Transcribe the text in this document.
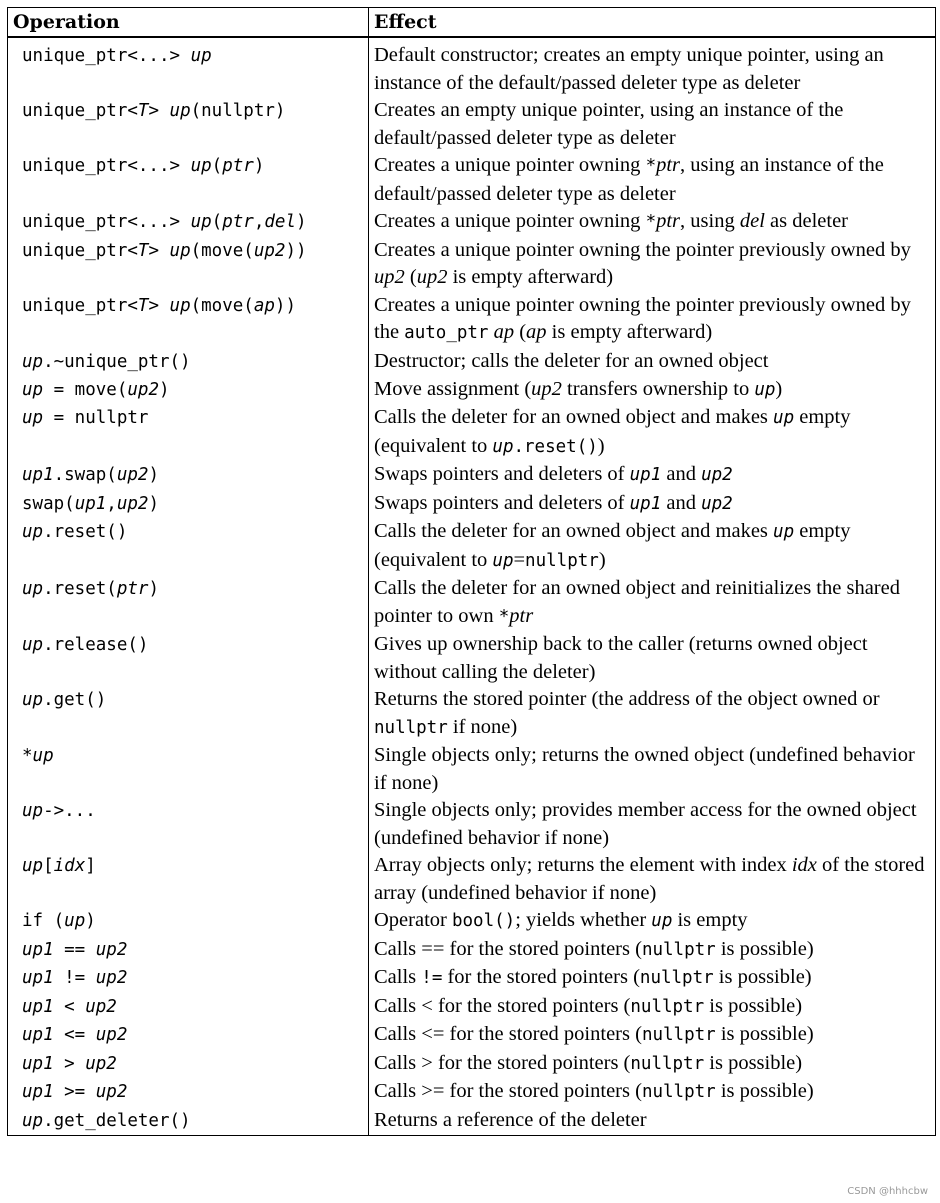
Operation	Effect
unique_ptr<...> up	Default constructor; creates an empty unique pointer, using an instance of the default/passed deleter type as deleter
unique_ptr<T> up(nullptr)	Creates an empty unique pointer, using an instance of the default/passed deleter type as deleter
unique_ptr<...> up(ptr)	Creates a unique pointer owning *ptr, using an instance of the default/passed deleter type as deleter
unique_ptr<...> up(ptr,del)	Creates a unique pointer owning *ptr, using del as deleter
unique_ptr<T> up(move(up2))	Creates a unique pointer owning the pointer previously owned by up2 (up2 is empty afterward)
unique_ptr<T> up(move(ap))	Creates a unique pointer owning the pointer previously owned by the auto_ptr ap (ap is empty afterward)
up.~unique_ptr()	Destructor; calls the deleter for an owned object
up = move(up2)	Move assignment (up2 transfers ownership to up)
up = nullptr	Calls the deleter for an owned object and makes up empty (equivalent to up.reset())
up1.swap(up2)	Swaps pointers and deleters of up1 and up2
swap(up1,up2)	Swaps pointers and deleters of up1 and up2
up.reset()	Calls the deleter for an owned object and makes up empty (equivalent to up=nullptr)
up.reset(ptr)	Calls the deleter for an owned object and reinitializes the shared pointer to own *ptr
up.release()	Gives up ownership back to the caller (returns owned object without calling the deleter)
up.get()	Returns the stored pointer (the address of the object owned or nullptr if none)
*up	Single objects only; returns the owned object (undefined behavior if none)
up->...	Single objects only; provides member access for the owned object (undefined behavior if none)
up[idx]	Array objects only; returns the element with index idx of the stored array (undefined behavior if none)
if (up)	Operator bool(); yields whether up is empty
up1 == up2	Calls == for the stored pointers (nullptr is possible)
up1 != up2	Calls != for the stored pointers (nullptr is possible)
up1 < up2	Calls < for the stored pointers (nullptr is possible)
up1 <= up2	Calls <= for the stored pointers (nullptr is possible)
up1 > up2	Calls > for the stored pointers (nullptr is possible)
up1 >= up2	Calls >= for the stored pointers (nullptr is possible)
up.get_deleter()	Returns a reference of the deleter
CSDN @hhhcbw
